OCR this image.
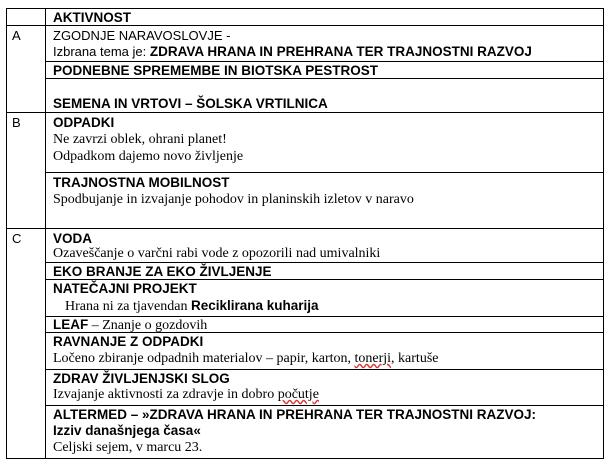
AKTIVNOST
A ZGODNJE NARAVOSLOVJE -
Izbrana tema je: ZDRAVA HRANA IN PREHRANA TER TRAJNOSTNI RAZVOJ
PODNEBNE SPREMEMBE IN BIOTSKA PESTROST
SEMENA IN VRTOVI – ŠOLSKA VRTILNICA
B ODPADKI
Ne zavrzi oblek, ohrani planet!
Odpadkom dajemo novo življenje
TRAJNOSTNA MOBILNOST
Spodbujanje in izvajanje pohodov in planinskih izletov v naravo
C VODA
Ozaveščanje o varčni rabi vode z opozorili nad umivalniki
EKO BRANJE ZA EKO ŽIVLJENJE
NATEČAJNI PROJEKT
Hrana ni za tjavendan Reciklirana kuharija
LEAF – Znanje o gozdovih
RAVNANJE Z ODPADKI
Ločeno zbiranje odpadnih materialov – papir, karton, tonerji, kartuše
ZDRAV ŽIVLJENJSKI SLOG
Izvajanje aktivnosti za zdravje in dobro počutje
ALTERMED – »ZDRAVA HRANA IN PREHRANA TER TRAJNOSTNI RAZVOJ:
Izziv današnjega časa«
Celjski sejem, v marcu 23.
